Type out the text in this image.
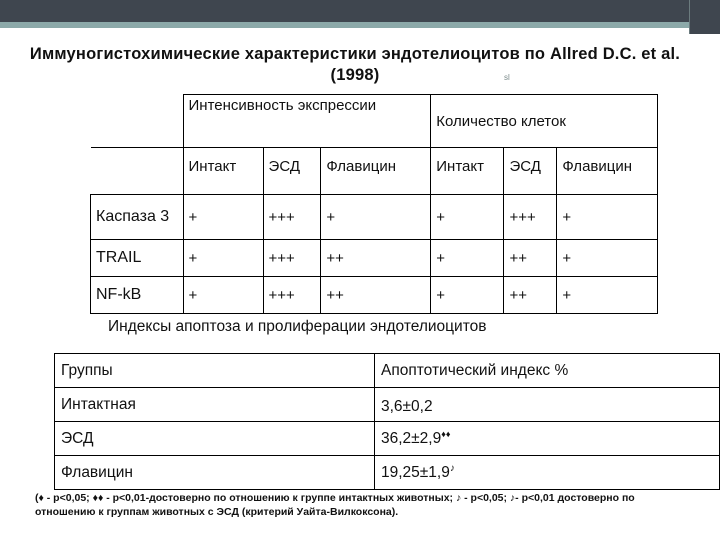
Иммуногистохимические характеристики эндотелиоцитов по Allred D.C. et al. (1998)	sl
	Интенсивность экспрессии			Количество клеток		
	Интакт	ЭСД	Флавицин	Интакт	ЭСД	Флавицин
Каспаза 3	+	+++	+	+	+++	+
TRAIL	+	+++	++	+	++	+
NF-kB	+	+++	++	+	++	+
Индексы апоптоза и пролиферации эндотелиоцитов
Группы	Апоптотический индекс %
Интактная	3,6±0,2
ЭСД	36,2±2,9♦♦
Флавицин	19,25±1,9♪
(♦ - р<0,05; ♦♦ - р<0,01-достоверно по отношению к группе интактных животных; ♪ - р<0,05; ♪- р<0,01 достоверно по отношению к группам животных с ЭСД (критерий Уайта-Вилкоксона).
